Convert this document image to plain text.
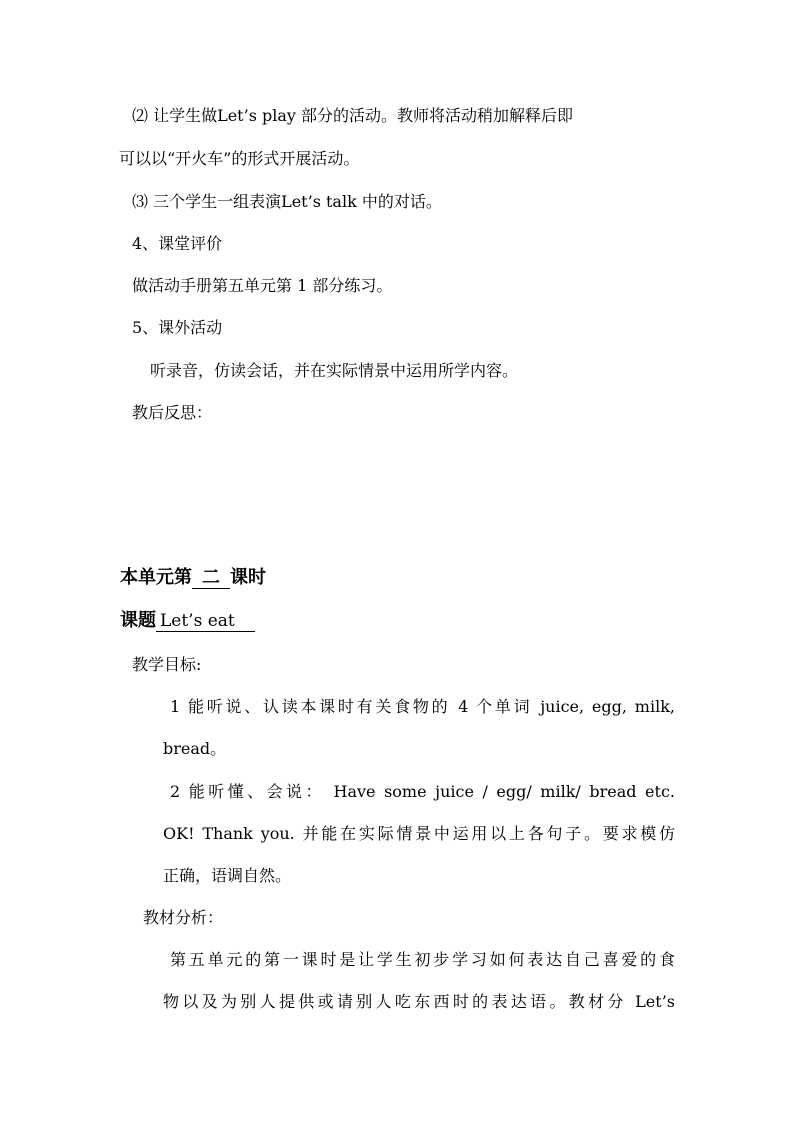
⑵ 让学生做Let’s play 部分的活动。教师将活动稍加解释后即
可以以“开火车”的形式开展活动。
⑶ 三个学生一组表演Let’s talk 中的对话。
4、课堂评价
做活动手册第五单元第 1 部分练习。
5、课外活动
听录音，仿读会话，并在实际情景中运用所学内容。
教后反思：
本单元第 二 课时
课题 Let’s eat
教学目标:
1 能听说、认读本课时有关食物的 4 个单词 juice, egg, milk,
bread。
2 能听懂、会说： Have some juice / egg/ milk/ bread etc.
OK! Thank you. 并能在实际情景中运用以上各句子。要求模仿
正确，语调自然。
教材分析：
第五单元的第一课时是让学生初步学习如何表达自己喜爱的食
物以及为别人提供或请别人吃东西时的表达语。教材分 Let’s
